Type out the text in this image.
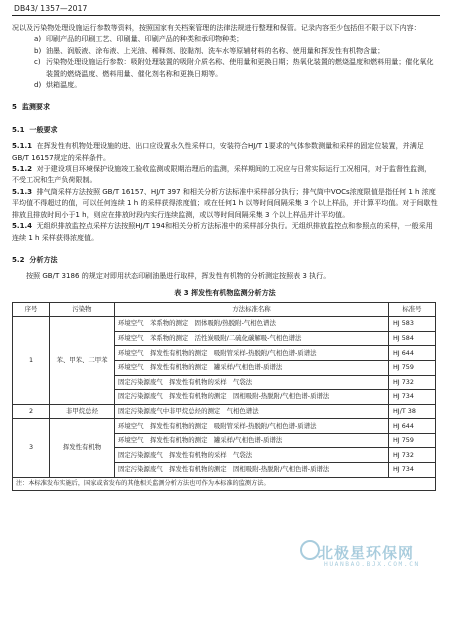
DB43/ 1357—2017

况以及污染物处理设施运行参数等资料，按照国家有关档案管理的法律法规进行整理和保管。记录内容至少包括但不限于以下内容：

a) 印刷产品的印刷工艺、印刷量、印刷产品的种类和承印物种类；
b) 油墨、润版液、涂布液、上光油、稀释剂、胶黏剂、洗车水等原辅材料的名称、使用量和挥发性有机物含量；
c) 污染物处理设施运行参数：吸附处理装置的吸附介质名称、使用量和更换日期；热氧化装置的燃烧温度和燃料用量；催化氧化装置的燃烧温度、燃料用量、催化剂名称和更换日期等。
d) 烘箱温度。

5 监测要求

5.1 一般要求

5.1.1 在挥发性有机物处理设施的进、出口应设置永久性采样口，安装符合HJ/T 1要求的气体参数测量和采样的固定位装置，并满足GB/T 16157规定的采样条件。

5.1.2 对于建设项目环境保护设施竣工验收监测或限期治理后的监测，采样期间的工况应与日常实际运行工况相同，对于监督性监测，不受工况和生产负荷限制。

5.1.3 排气筒采样方法按照 GB/T 16157、HJ/T 397 和相关分析方法标准中采样部分执行；排气筒中VOCs浓度限值是指任何 1 h 浓度平均值不得超过的值，可以任何连续 1 h 的采样获得浓度值；或在任何1 h 以等时间间隔采集 3 个以上样品，并计算平均值。对于间歇性排放且排放时间小于1 h，则应在排放时段内实行连续监测，或以等时间间隔采集 3 个以上样品并计平均值。

5.1.4 无组织排放监控点采样方法按照HJ/T 194和相关分析方法标准中的采样部分执行。无组织排放监控点和参照点的采样，一般采用连续 1 h 采样获得浓度值。

5.2 分析方法

按照 GB/T 3186 的规定对即用状态印刷油墨进行取样，挥发性有机物的分析测定按照表 3 执行。

表 3 挥发性有机物监测分析方法
序号	污染物	方法标准名称	标准号
1	苯、甲苯、二甲苯	环境空气　苯系物的测定　固体吸附/热脱附-气相色谱法	HJ 583
		环境空气　苯系物的测定　活性炭吸附/二硫化碳解吸-气相色谱法	HJ 584
		环境空气　挥发性有机物的测定　吸附管采样-热脱附/气相色谱-质谱法	HJ 644
		环境空气　挥发性有机物的测定　罐采样/气相色谱-质谱法	HJ 759
		固定污染源废气　挥发性有机物的采样　气袋法	HJ 732
		固定污染源废气　挥发性有机物的测定　固相吸附-热脱附/气相色谱-质谱法	HJ 734
2	非甲烷总烃	固定污染源废气中非甲烷总烃的测定　气相色谱法	HJ/T 38
3	挥发性有机物	环境空气　挥发性有机物的测定　吸附管采样-热脱附/气相色谱-质谱法	HJ 644
		环境空气　挥发性有机物的测定　罐采样/气相色谱-质谱法	HJ 759
		固定污染源废气　挥发性有机物的采样　气袋法	HJ 732
		固定污染源废气　挥发性有机物的测定　固相吸附-热脱附/气相色谱-质谱法	HJ 734
注：本标准发布实施后，国家或省发布的其他相关监测分析方法也可作为本标准的监测方法。			
北极星环保网
HUANBAO.BJX.COM.CN
